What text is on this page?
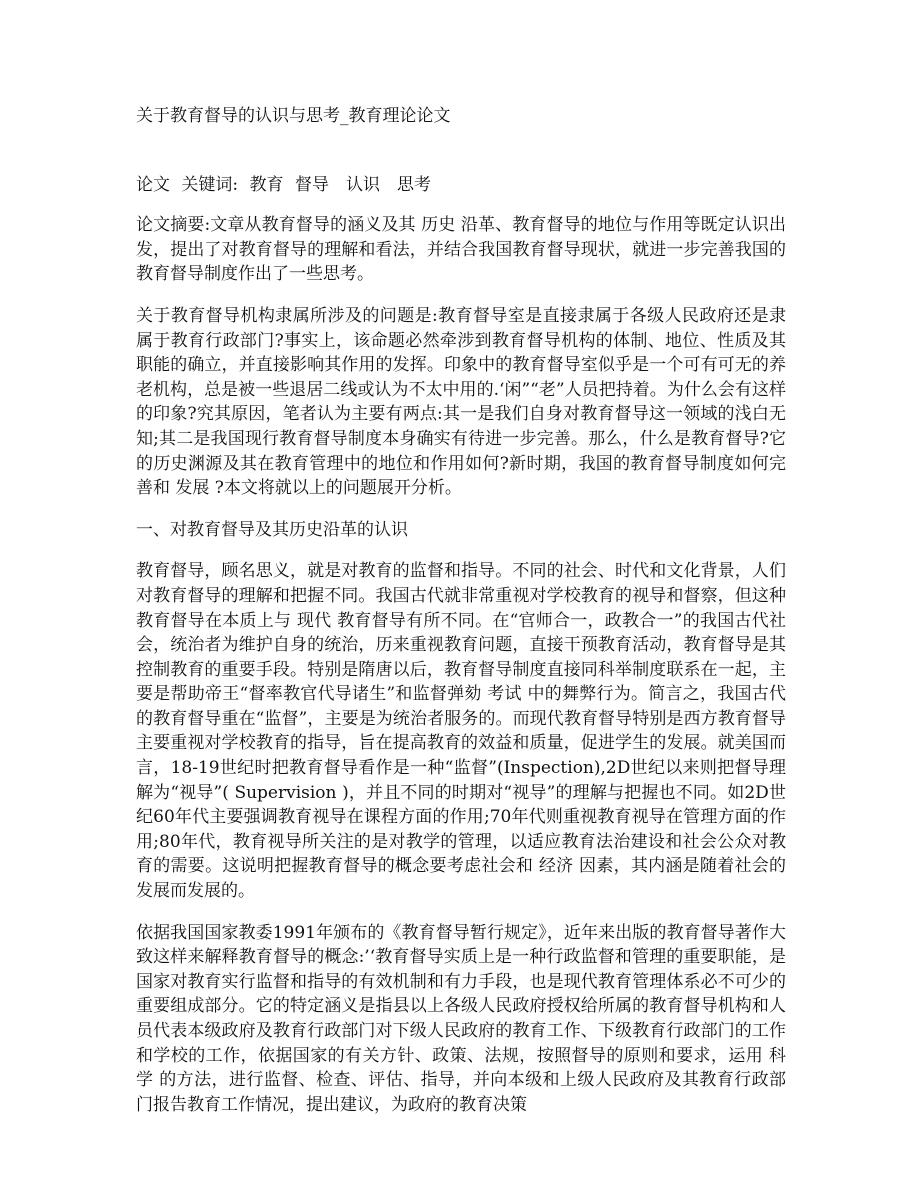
关于教育督导的认识与思考_教育理论论文
论文 关键词: 教育 督导　认识　思考
论文摘要:文章从教育督导的涵义及其 历史 沿革、教育督导的地位与作用等既定认识出发，提出了对教育督导的理解和看法，并结合我国教育督导现状，就进一步完善我国的教育督导制度作出了一些思考。
关于教育督导机构隶属所涉及的问题是:教育督导室是直接隶属于各级人民政府还是隶属于教育行政部门?事实上，该命题必然牵涉到教育督导机构的体制、地位、性质及其职能的确立，并直接影响其作用的发挥。印象中的教育督导室似乎是一个可有可无的养老机构，总是被一些退居二线或认为不太中用的.‘闲”“老”人员把持着。为什么会有这样的印象?究其原因，笔者认为主要有两点:其一是我们自身对教育督导这一领域的浅白无知;其二是我国现行教育督导制度本身确实有待进一步完善。那么，什么是教育督导?它的历史渊源及其在教育管理中的地位和作用如何?新时期，我国的教育督导制度如何完善和 发展 ?本文将就以上的问题展开分析。
一、对教育督导及其历史沿革的认识
教育督导，顾名思义，就是对教育的监督和指导。不同的社会、时代和文化背景，人们对教育督导的理解和把握不同。我国古代就非常重视对学校教育的视导和督察，但这种教育督导在本质上与 现代 教育督导有所不同。在“官师合一，政教合一”的我国古代社会，统治者为维护自身的统治，历来重视教育问题，直接干预教育活动，教育督导是其控制教育的重要手段。特别是隋唐以后，教育督导制度直接同科举制度联系在一起，主要是帮助帝王“督率教官代导诸生”和监督弹劾 考试 中的舞弊行为。简言之，我国古代的教育督导重在“监督”，主要是为统治者服务的。而现代教育督导特别是西方教育督导主要重视对学校教育的指导，旨在提高教育的效益和质量，促进学生的发展。就美国而言，18-19世纪时把教育督导看作是一种“监督”(Inspection),2D世纪以来则把督导理解为“视导”( Supervision )，并且不同的时期对“视导”的理解与把握也不同。如2D世纪60年代主要强调教育视导在课程方面的作用;70年代则重视教育视导在管理方面的作用;80年代，教育视导所关注的是对教学的管理，以适应教育法治建设和社会公众对教育的需要。这说明把握教育督导的概念要考虑社会和 经济 因素，其内涵是随着社会的发展而发展的。
依据我国国家教委1991年颁布的《教育督导暂行规定》，近年来出版的教育督导著作大致这样来解释教育督导的概念:’‘教育督导实质上是一种行政监督和管理的重要职能，是国家对教育实行监督和指导的有效机制和有力手段，也是现代教育管理体系必不可少的重要组成部分。它的特定涵义是指县以上各级人民政府授权给所属的教育督导机构和人员代表本级政府及教育行政部门对下级人民政府的教育工作、下级教育行政部门的工作和学校的工作，依据国家的有关方针、政策、法规，按照督导的原则和要求，运用 科学 的方法，进行监督、检查、评估、指导，并向本级和上级人民政府及其教育行政部门报告教育工作情况，提出建议，为政府的教育决策
